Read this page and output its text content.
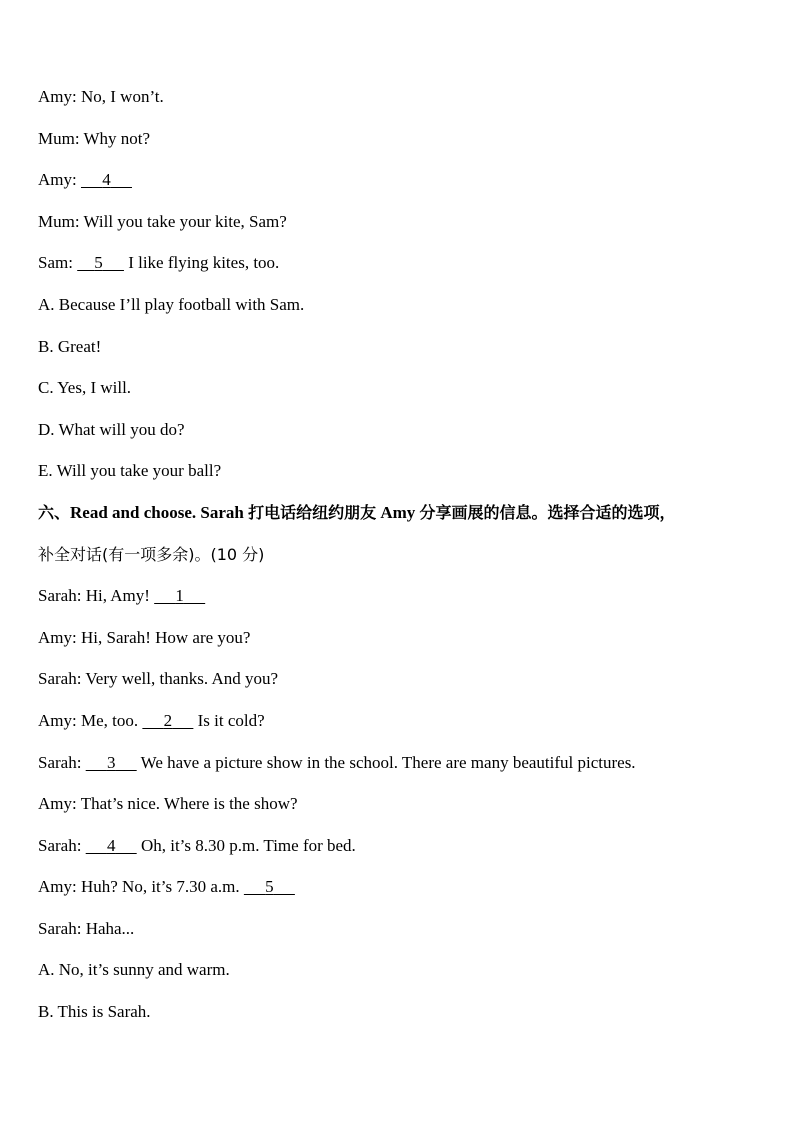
Amy: No, I won’t.
Mum: Why not?
Amy: 4
Mum: Will you take your kite, Sam?
Sam: 5 I like flying kites, too.
A. Because I’ll play football with Sam.
B. Great!
C. Yes, I will.
D. What will you do?
E. Will you take your ball?
六、Read and choose. Sarah 打电话给纽约朋友 Amy 分享画展的信息。选择合适的选项，
补全对话(有一项多余)。(10 分)
Sarah: Hi, Amy! 1
Amy: Hi, Sarah! How are you?
Sarah: Very well, thanks. And you?
Amy: Me, too. 2 Is it cold?
Sarah: 3 We have a picture show in the school. There are many beautiful pictures.
Amy: That’s nice. Where is the show?
Sarah: 4 Oh, it’s 8.30 p.m. Time for bed.
Amy: Huh? No, it’s 7.30 a.m. 5
Sarah: Haha...
A. No, it’s sunny and warm.
B. This is Sarah.
